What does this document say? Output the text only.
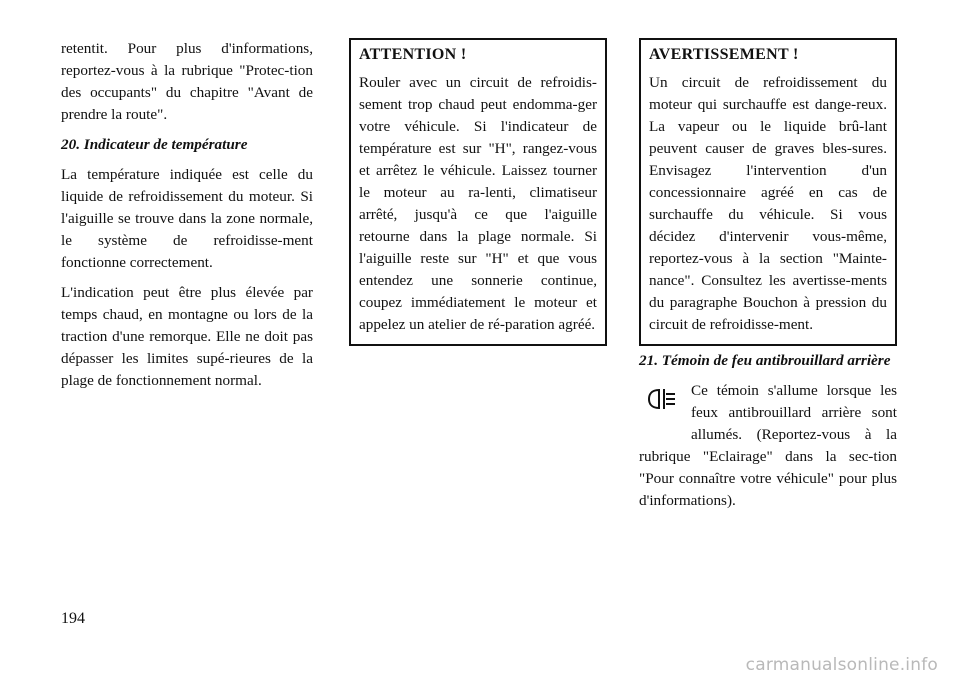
retentit. Pour plus d'informations, reportez-vous à la rubrique "Protec-tion des occupants" du chapitre "Avant de prendre la route".

20. Indicateur de température

La température indiquée est celle du liquide de refroidissement du moteur. Si l'aiguille se trouve dans la zone normale, le système de refroidisse-ment fonctionne correctement.

L'indication peut être plus élevée par temps chaud, en montagne ou lors de la traction d'une remorque. Elle ne doit pas dépasser les limites supé-rieures de la plage de fonctionnement normal.

ATTENTION !

Rouler avec un circuit de refroidis-sement trop chaud peut endomma-ger votre véhicule. Si l'indicateur de température est sur "H", rangez-vous et arrêtez le véhicule. Laissez tourner le moteur au ra-lenti, climatiseur arrêté, jusqu'à ce que l'aiguille retourne dans la plage normale. Si l'aiguille reste sur "H" et que vous entendez une sonnerie continue, coupez immédiatement le moteur et appelez un atelier de ré-paration agréé.

AVERTISSEMENT !

Un circuit de refroidissement du moteur qui surchauffe est dange-reux. La vapeur ou le liquide brû-lant peuvent causer de graves bles-sures. Envisagez l'intervention d'un concessionnaire agréé en cas de surchauffe du véhicule. Si vous décidez d'intervenir vous-même, reportez-vous à la section "Mainte-nance". Consultez les avertisse-ments du paragraphe Bouchon à pression du circuit de refroidisse-ment.

21. Témoin de feu antibrouillard arrière

Ce témoin s'allume lorsque les feux antibrouillard arrière sont allumés. (Reportez-vous à la rubrique "Eclairage" dans la sec-tion "Pour connaître votre véhicule" pour plus d'informations).

194
carmanualsonline.info
